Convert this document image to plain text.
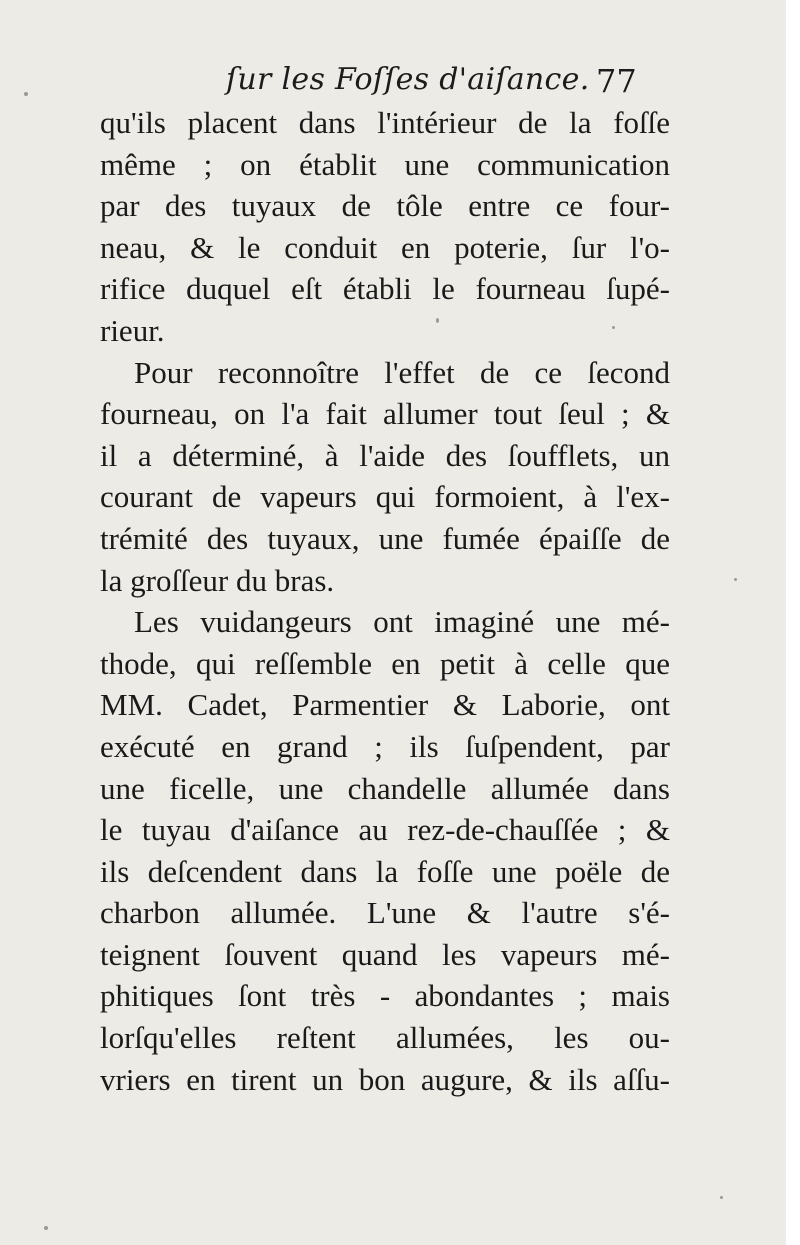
ſur les Foſſes d'aiſance. 77
qu'ils placent dans l'intérieur de la foſſe
même ; on établit une communication
par des tuyaux de tôle entre ce four-
neau, & le conduit en poterie, ſur l'o-
rifice duquel eſt établi le fourneau ſupé-
rieur.
Pour reconnoître l'effet de ce ſecond
fourneau, on l'a fait allumer tout ſeul ; &
il a déterminé, à l'aide des ſoufflets, un
courant de vapeurs qui formoient, à l'ex-
trémité des tuyaux, une fumée épaiſſe de
la groſſeur du bras.
Les vuidangeurs ont imaginé une mé-
thode, qui reſſemble en petit à celle que
MM. Cadet, Parmentier & Laborie, ont
exécuté en grand ; ils ſuſpendent, par
une ficelle, une chandelle allumée dans
le tuyau d'aiſance au rez-de-chauſſée ; &
ils deſcendent dans la foſſe une poële de
charbon allumée. L'une & l'autre s'é-
teignent ſouvent quand les vapeurs mé-
phitiques ſont très - abondantes ; mais
lorſqu'elles reſtent allumées, les ou-
vriers en tirent un bon augure, & ils aſſu-
